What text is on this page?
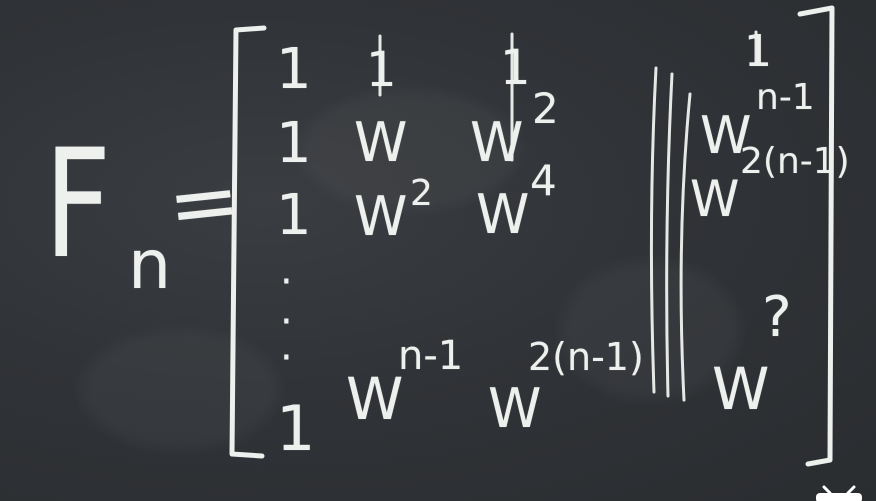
F n
=
1
1
1
·
·
·
1
1
W
W 2
W
n-1
1
W
2
W
4
W
2(n-1)
1
W
n-1
W
2(n-1)
W
?
